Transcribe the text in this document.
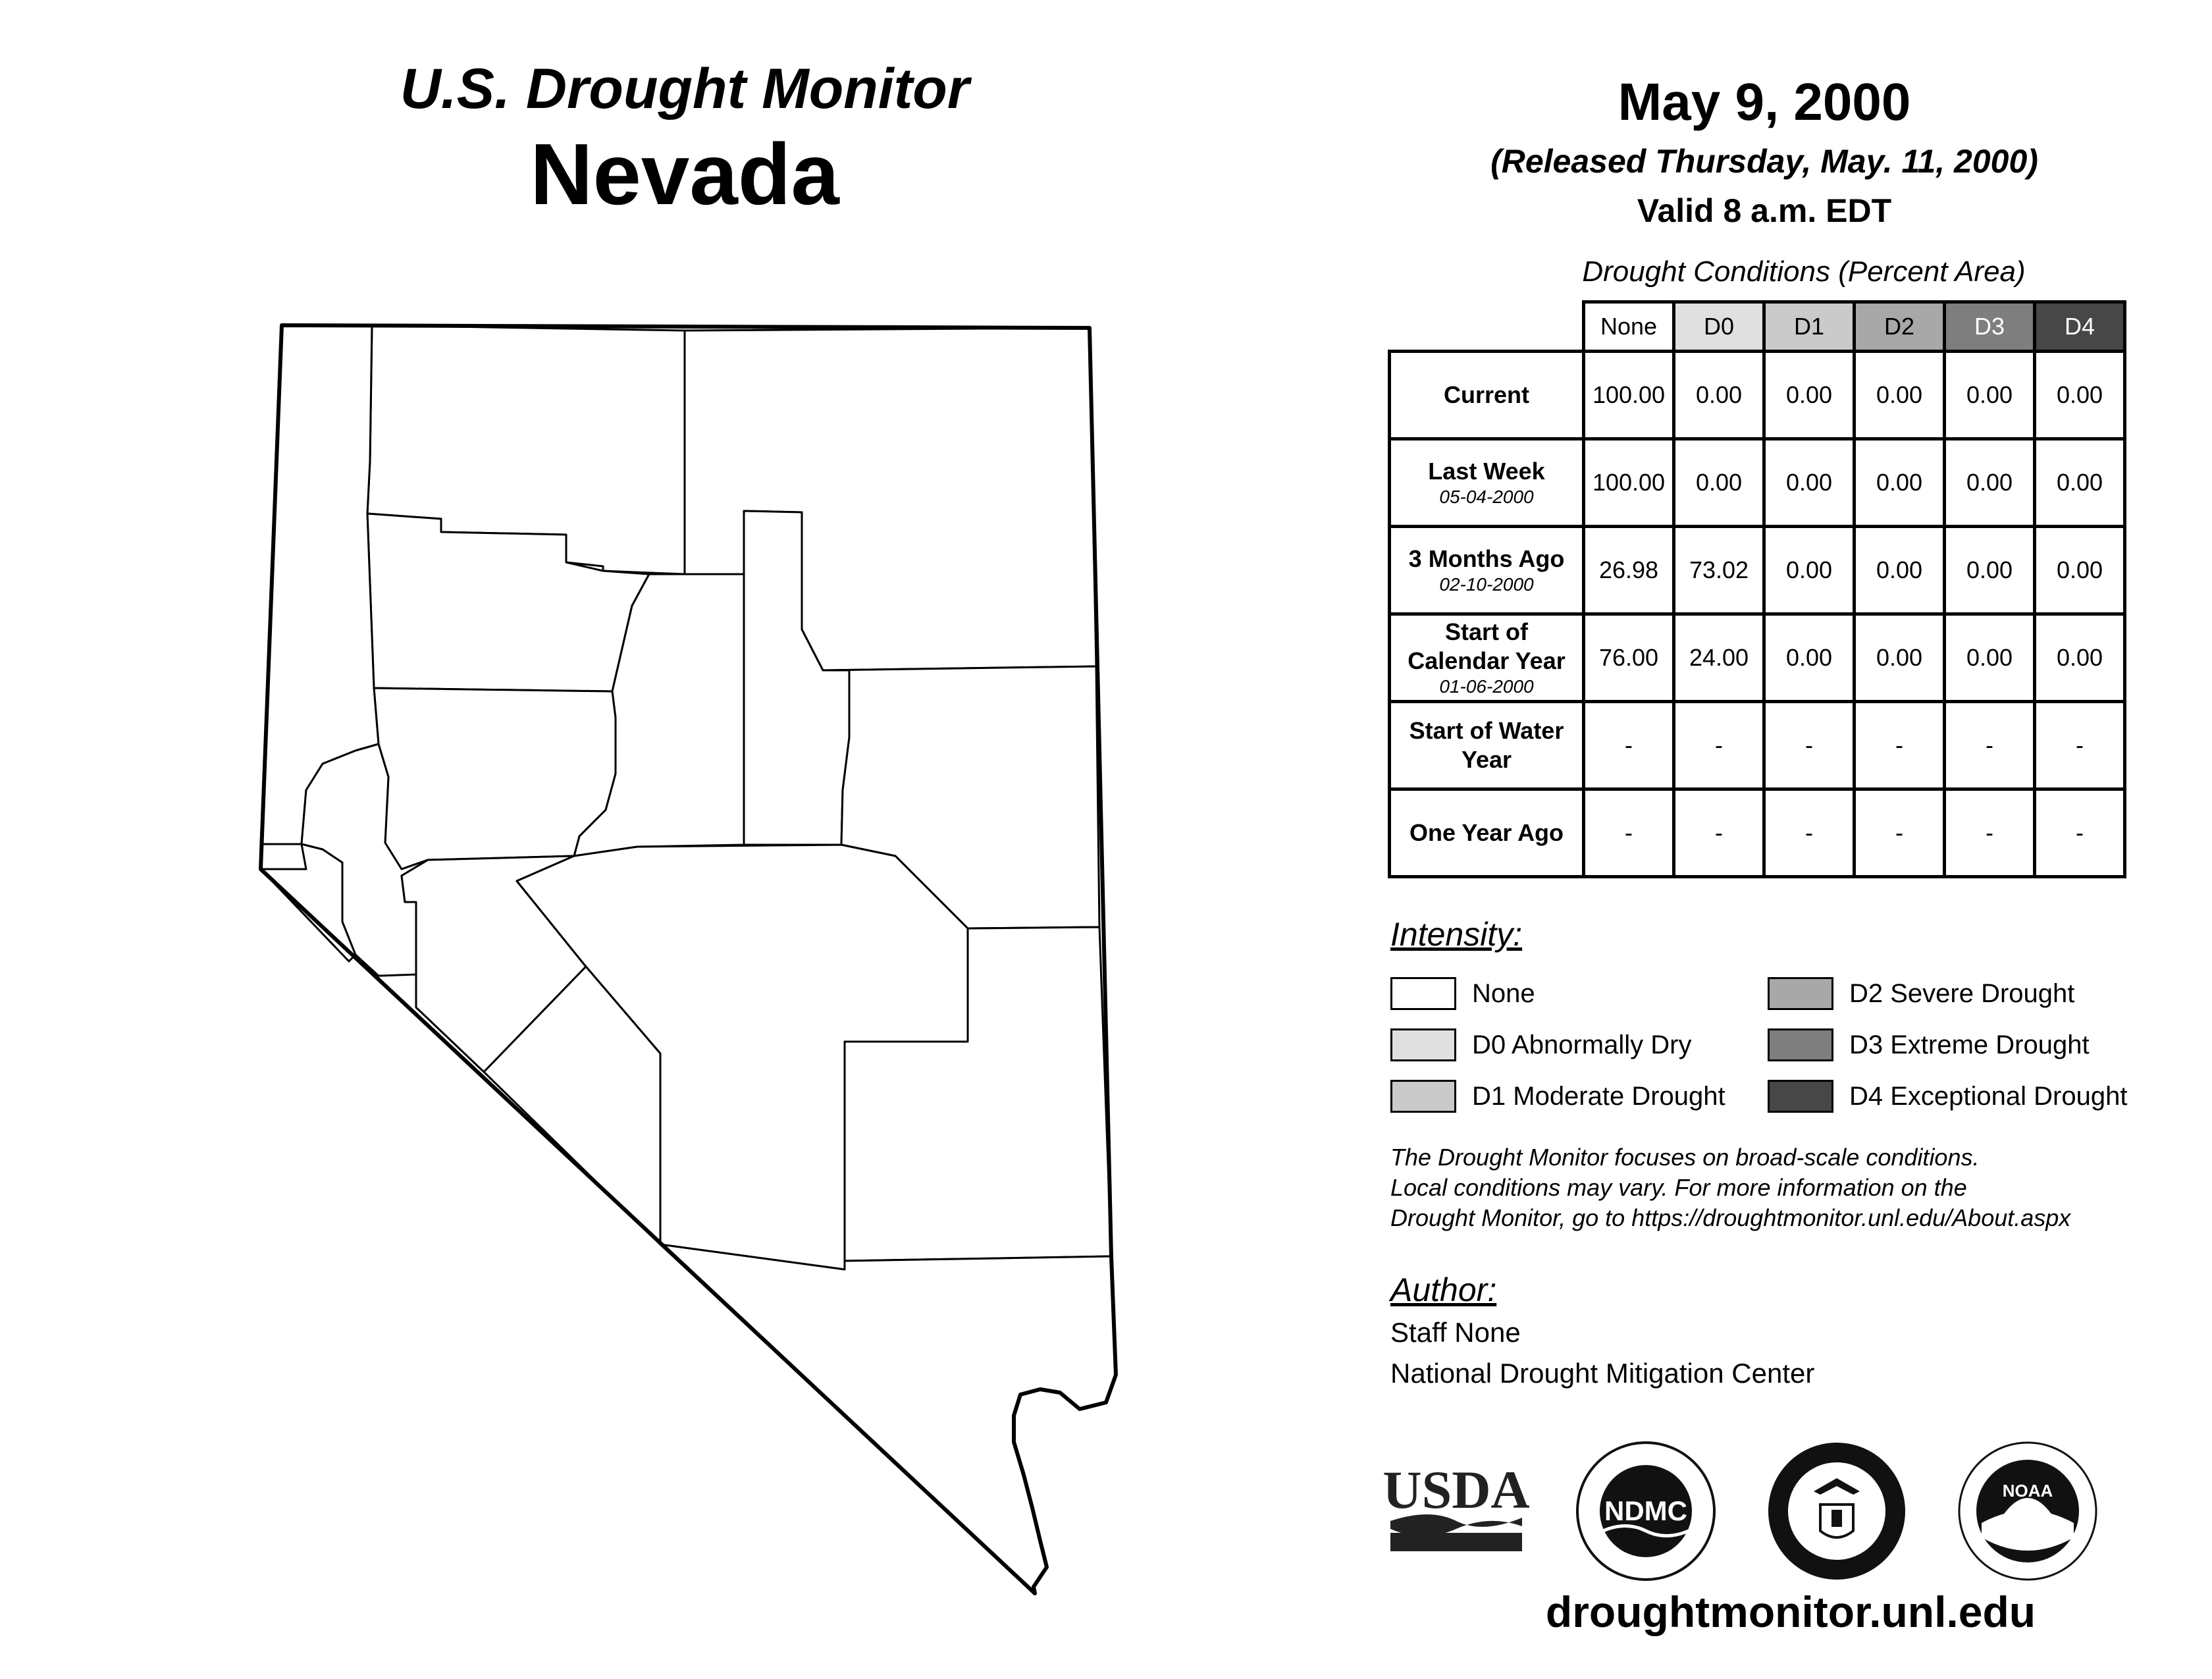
U.S. Drought Monitor
Nevada
May 9, 2000
(Released Thursday, May. 11, 2000)
Valid 8 a.m. EDT
Drought Conditions (Percent Area)
	None	D0	D1	D2	D3	D4
Current	100.00	0.00	0.00	0.00	0.00	0.00
Last Week
05-04-2000	100.00	0.00	0.00	0.00	0.00	0.00
3 Months Ago
02-10-2000	26.98	73.02	0.00	0.00	0.00	0.00
Start of Calendar Year
01-06-2000	76.00	24.00	0.00	0.00	0.00	0.00
Start of Water Year	-	-	-	-	-	-
One Year Ago	-	-	-	-	-	-
Intensity:
None
D0 Abnormally Dry
D1 Moderate Drought
D2 Severe Drought
D3 Extreme Drought
D4 Exceptional Drought
The Drought Monitor focuses on broad-scale conditions.
Local conditions may vary. For more information on the
Drought Monitor, go to https://droughtmonitor.unl.edu/About.aspx
Author:
Staff None
National Drought Mitigation Center
USDA	NDMC
NOAA
droughtmonitor.unl.edu
